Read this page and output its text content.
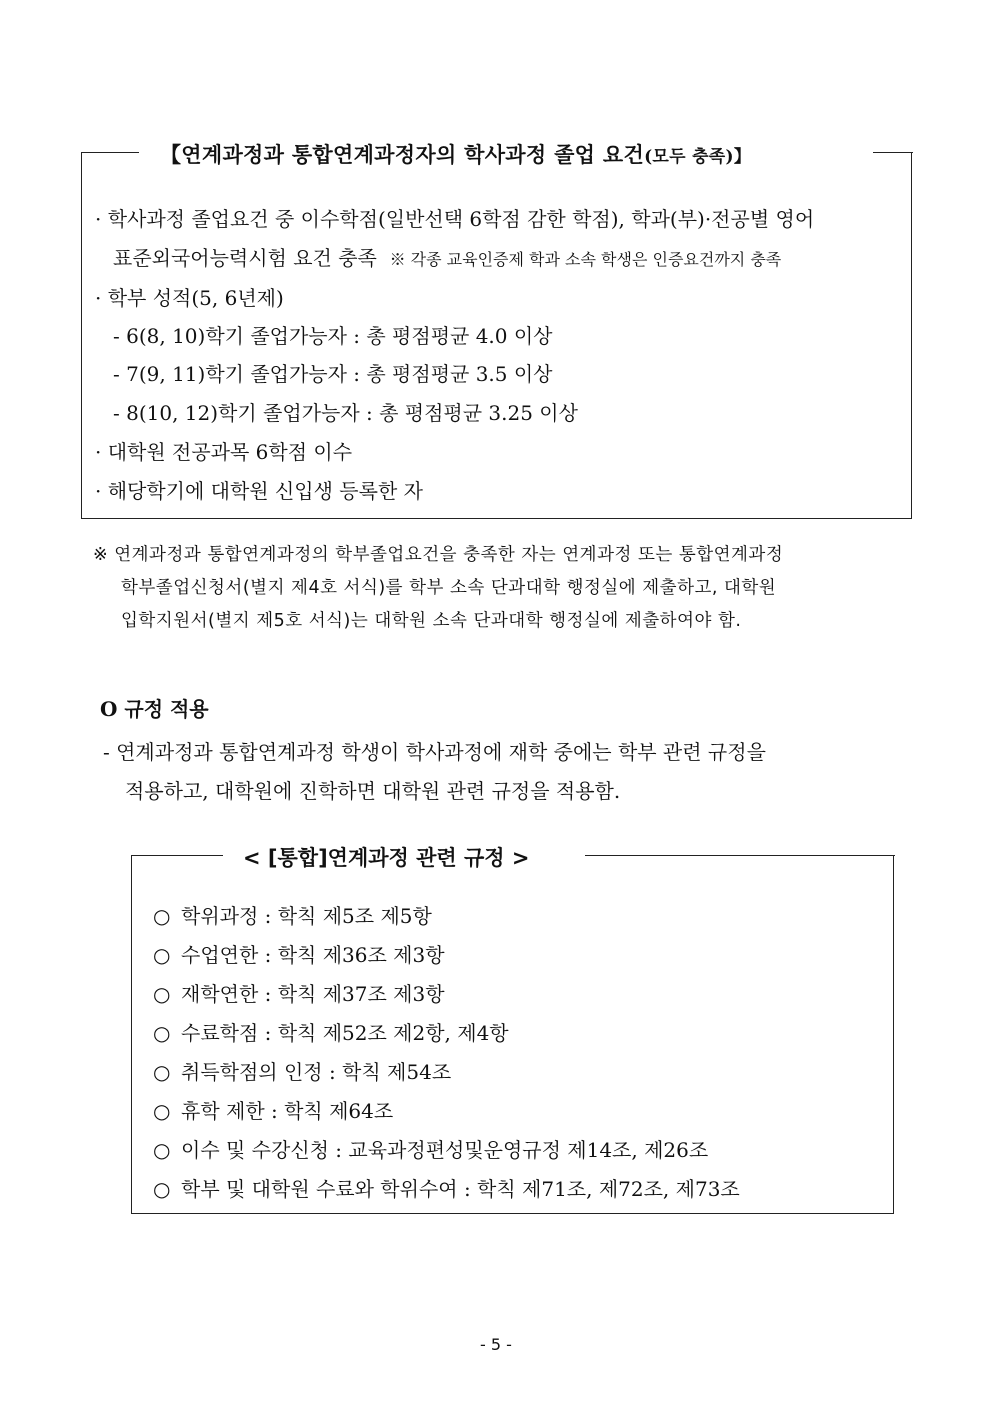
【연계과정과 통합연계과정자의 학사과정 졸업 요건(모두 충족)】
· 학사과정 졸업요건 중 이수학점(일반선택 6학점 감한 학점), 학과(부)·전공별 영어
표준외국어능력시험 요건 충족 ※ 각종 교육인증제 학과 소속 학생은 인증요건까지 충족
· 학부 성적(5, 6년제)
- 6(8, 10)학기 졸업가능자 : 총 평점평균 4.0 이상
- 7(9, 11)학기 졸업가능자 : 총 평점평균 3.5 이상
- 8(10, 12)학기 졸업가능자 : 총 평점평균 3.25 이상
· 대학원 전공과목 6학점 이수
· 해당학기에 대학원 신입생 등록한 자
※ 연계과정과 통합연계과정의 학부졸업요건을 충족한 자는 연계과정 또는 통합연계과정
학부졸업신청서(별지 제4호 서식)를 학부 소속 단과대학 행정실에 제출하고, 대학원
입학지원서(별지 제5호 서식)는 대학원 소속 단과대학 행정실에 제출하여야 함.
O 규정 적용
- 연계과정과 통합연계과정 학생이 학사과정에 재학 중에는 학부 관련 규정을
적용하고, 대학원에 진학하면 대학원 관련 규정을 적용함.
< [통합]연계과정 관련 규정 >
○ 학위과정 : 학칙 제5조 제5항
○ 수업연한 : 학칙 제36조 제3항
○ 재학연한 : 학칙 제37조 제3항
○ 수료학점 : 학칙 제52조 제2항, 제4항
○ 취득학점의 인정 : 학칙 제54조
○ 휴학 제한 : 학칙 제64조
○ 이수 및 수강신청 : 교육과정편성및운영규정 제14조, 제26조
○ 학부 및 대학원 수료와 학위수여 : 학칙 제71조, 제72조, 제73조
- 5 -
